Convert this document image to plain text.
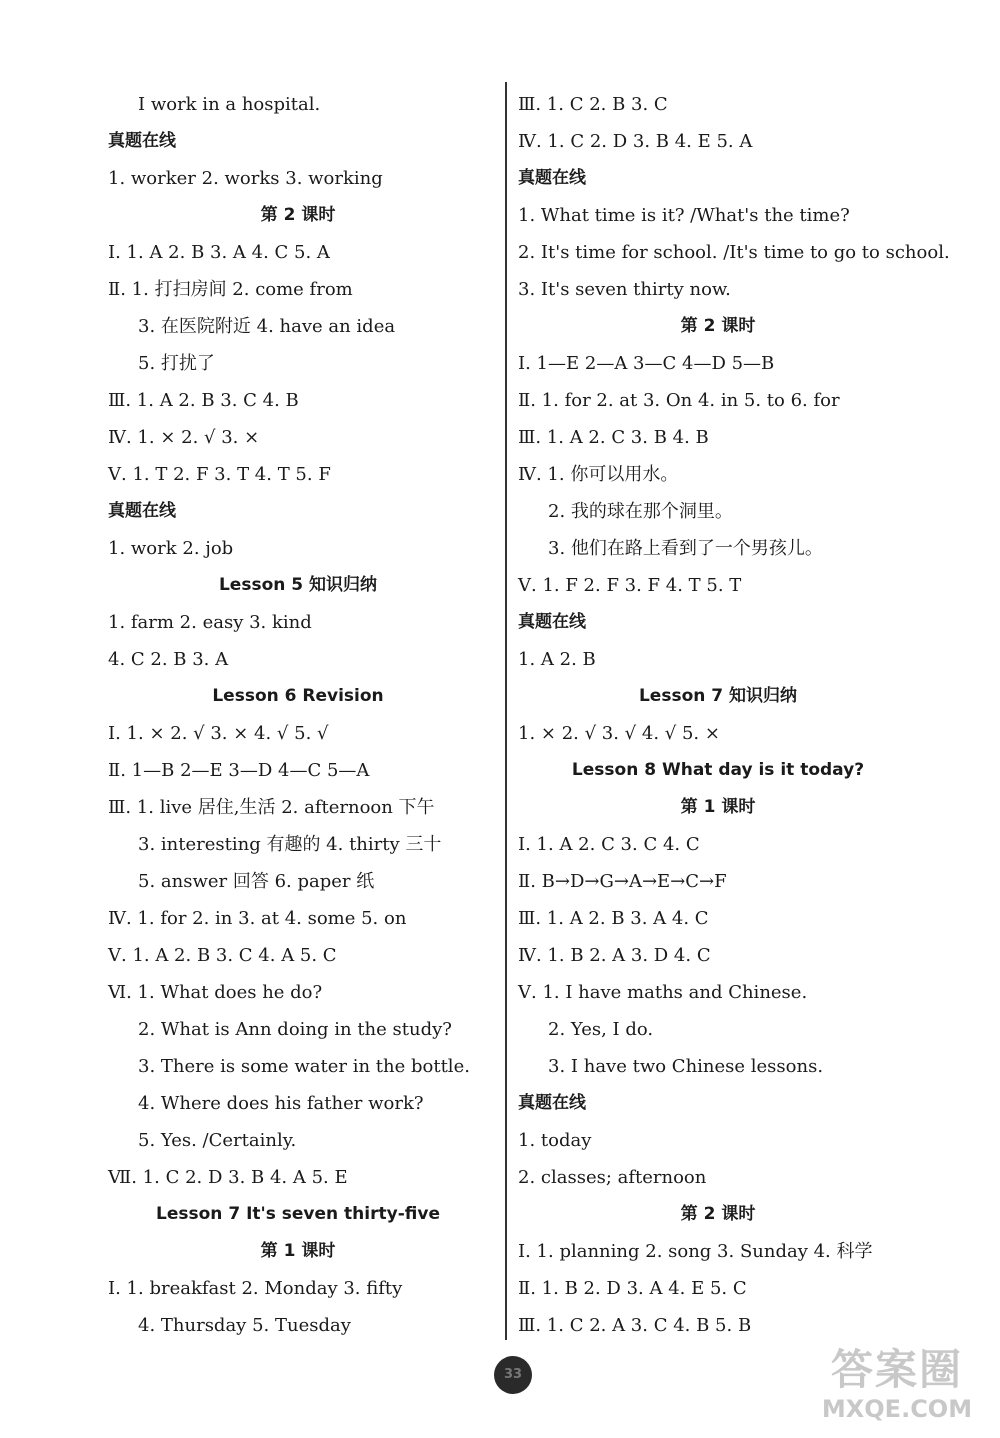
I work in a hospital.
真题在线
1. worker 2. works 3. working
第 2 课时
Ⅰ. 1. A 2. B 3. A 4. C 5. A
Ⅱ. 1. 打扫房间 2. come from
3. 在医院附近 4. have an idea
5. 打扰了
Ⅲ. 1. A 2. B 3. C 4. B
Ⅳ. 1. × 2. √ 3. ×
Ⅴ. 1. T 2. F 3. T 4. T 5. F
真题在线
1. work 2. job
Lesson 5 知识归纳
1. farm 2. easy 3. kind
4. C 2. B 3. A
Lesson 6 Revision
Ⅰ. 1. × 2. √ 3. × 4. √ 5. √
Ⅱ. 1—B 2—E 3—D 4—C 5—A
Ⅲ. 1. live 居住,生活 2. afternoon 下午
3. interesting 有趣的 4. thirty 三十
5. answer 回答 6. paper 纸
Ⅳ. 1. for 2. in 3. at 4. some 5. on
Ⅴ. 1. A 2. B 3. C 4. A 5. C
Ⅵ. 1. What does he do?
2. What is Ann doing in the study?
3. There is some water in the bottle.
4. Where does his father work?
5. Yes. /Certainly.
Ⅶ. 1. C 2. D 3. B 4. A 5. E
Lesson 7 It's seven thirty-five
第 1 课时
Ⅰ. 1. breakfast 2. Monday 3. fifty
4. Thursday 5. Tuesday
Ⅲ. 1. C 2. B 3. C
Ⅳ. 1. C 2. D 3. B 4. E 5. A
真题在线
1. What time is it? /What's the time?
2. It's time for school. /It's time to go to school.
3. It's seven thirty now.
第 2 课时
Ⅰ. 1—E 2—A 3—C 4—D 5—B
Ⅱ. 1. for 2. at 3. On 4. in 5. to 6. for
Ⅲ. 1. A 2. C 3. B 4. B
Ⅳ. 1. 你可以用水。
2. 我的球在那个洞里。
3. 他们在路上看到了一个男孩儿。
Ⅴ. 1. F 2. F 3. F 4. T 5. T
真题在线
1. A 2. B
Lesson 7 知识归纳
1. × 2. √ 3. √ 4. √ 5. ×
Lesson 8 What day is it today?
第 1 课时
Ⅰ. 1. A 2. C 3. C 4. C
Ⅱ. B→D→G→A→E→C→F
Ⅲ. 1. A 2. B 3. A 4. C
Ⅳ. 1. B 2. A 3. D 4. C
Ⅴ. 1. I have maths and Chinese.
2. Yes, I do.
3. I have two Chinese lessons.
真题在线
1. today
2. classes; afternoon
第 2 课时
Ⅰ. 1. planning 2. song 3. Sunday 4. 科学
Ⅱ. 1. B 2. D 3. A 4. E 5. C
Ⅲ. 1. C 2. A 3. C 4. B 5. B
33	答案圈
MXQE.COM
